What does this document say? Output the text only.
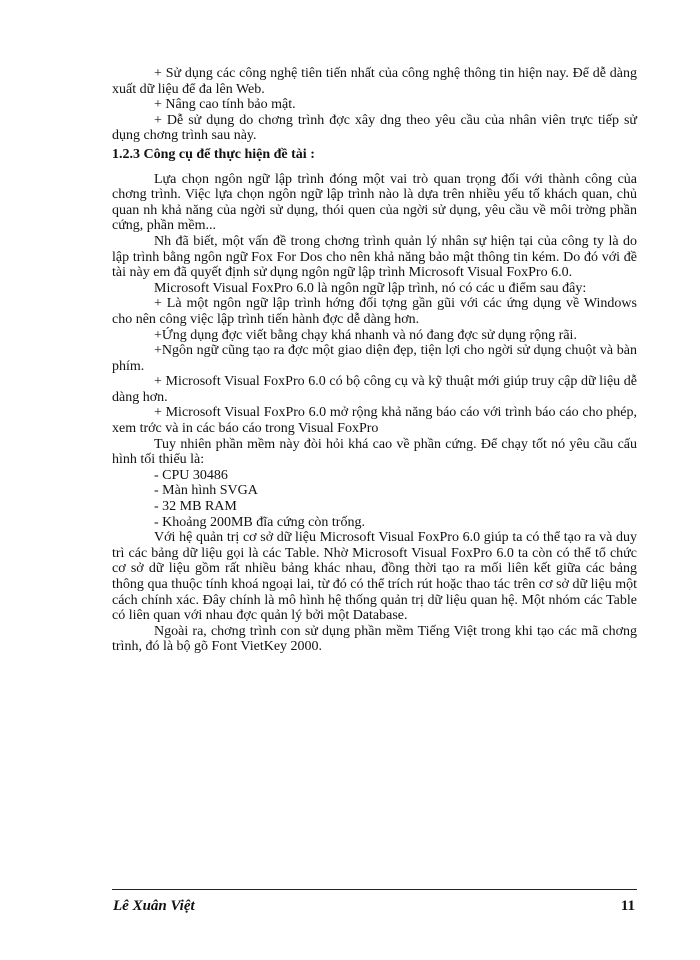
+ Sử dụng các công nghệ tiên tiến nhất của công nghệ thông tin hiện nay. Để dễ dàng xuất dữ liệu để đa lên Web.

+ Nâng cao tính bảo mật.

+ Dễ sử dụng do chơng trình đợc xây dng theo yêu cầu của nhân viên trực tiếp sử dụng chơng trình sau này.

1.2.3 Công cụ để thực hiện đề tài :

Lựa chọn ngôn ngữ lập trình đóng một vai trò quan trọng đối với thành công của chơng trình. Việc lựa chọn ngôn ngữ lập trình nào là dựa trên nhiều yếu tố khách quan, chủ quan nh khả năng của ngời sử dụng, thói quen của ngời sử dụng, yêu cầu về môi trờng phần cứng, phần mềm...

Nh đã biết, một vấn đề trong chơng trình quản lý nhân sự hiện tại của công ty là do lập trình bằng ngôn ngữ Fox For Dos cho nên khả năng bảo mật thông tin kém. Do đó với đề tài này em đã quyết định sử dụng ngôn ngữ lập trình Microsoft Visual FoxPro 6.0.

Microsoft Visual FoxPro 6.0 là ngôn ngữ lập trình, nó có các u điểm sau đây:

+ Là một ngôn ngữ lập trình hớng đối tợng gần gũi với các ứng dụng về Windows cho nên công việc lập trình tiến hành đợc dễ dàng hơn.

+Ứng dụng đợc viết bằng chạy khá nhanh và nó đang đợc sử dụng rộng rãi.

+Ngôn ngữ cũng tạo ra đợc một giao diện đẹp, tiện lợi cho ngời sử dụng chuột và bàn phím.

+ Microsoft Visual FoxPro 6.0 có bộ công cụ và kỹ thuật mới giúp truy cập dữ liệu dễ dàng hơn.

+ Microsoft Visual FoxPro 6.0 mở rộng khả năng báo cáo với trình báo cáo cho phép, xem trớc và in các báo cáo trong Visual FoxPro

Tuy nhiên phần mềm này đòi hỏi khá cao về phần cứng. Để chạy tốt nó yêu cầu cấu hình tối thiểu là:

- CPU 30486

- Màn hình SVGA

- 32 MB RAM

- Khoảng 200MB đĩa cứng còn trống.

Với hệ quản trị cơ sở dữ liệu Microsoft Visual FoxPro 6.0 giúp ta có thể tạo ra và duy trì các bảng dữ liệu gọi là các Table. Nhờ Microsoft Visual FoxPro 6.0 ta còn có thể tổ chức cơ sở dữ liệu gồm rất nhiều bảng khác nhau, đồng thời tạo ra mối liên kết giữa các bảng thông qua thuộc tính khoá ngoại lai, từ đó có thể trích rút hoặc thao tác trên cơ sở dữ liệu một cách chính xác. Đây chính là mô hình hệ thống quản trị dữ liệu quan hệ. Một nhóm các Table có liên quan với nhau đợc quản lý bởi một Database.

Ngoài ra, chơng trình con sử dụng phần mềm Tiếng Việt trong khi tạo các mã chơng trình, đó là bộ gõ Font VietKey 2000.

Lê Xuân Việt	11
